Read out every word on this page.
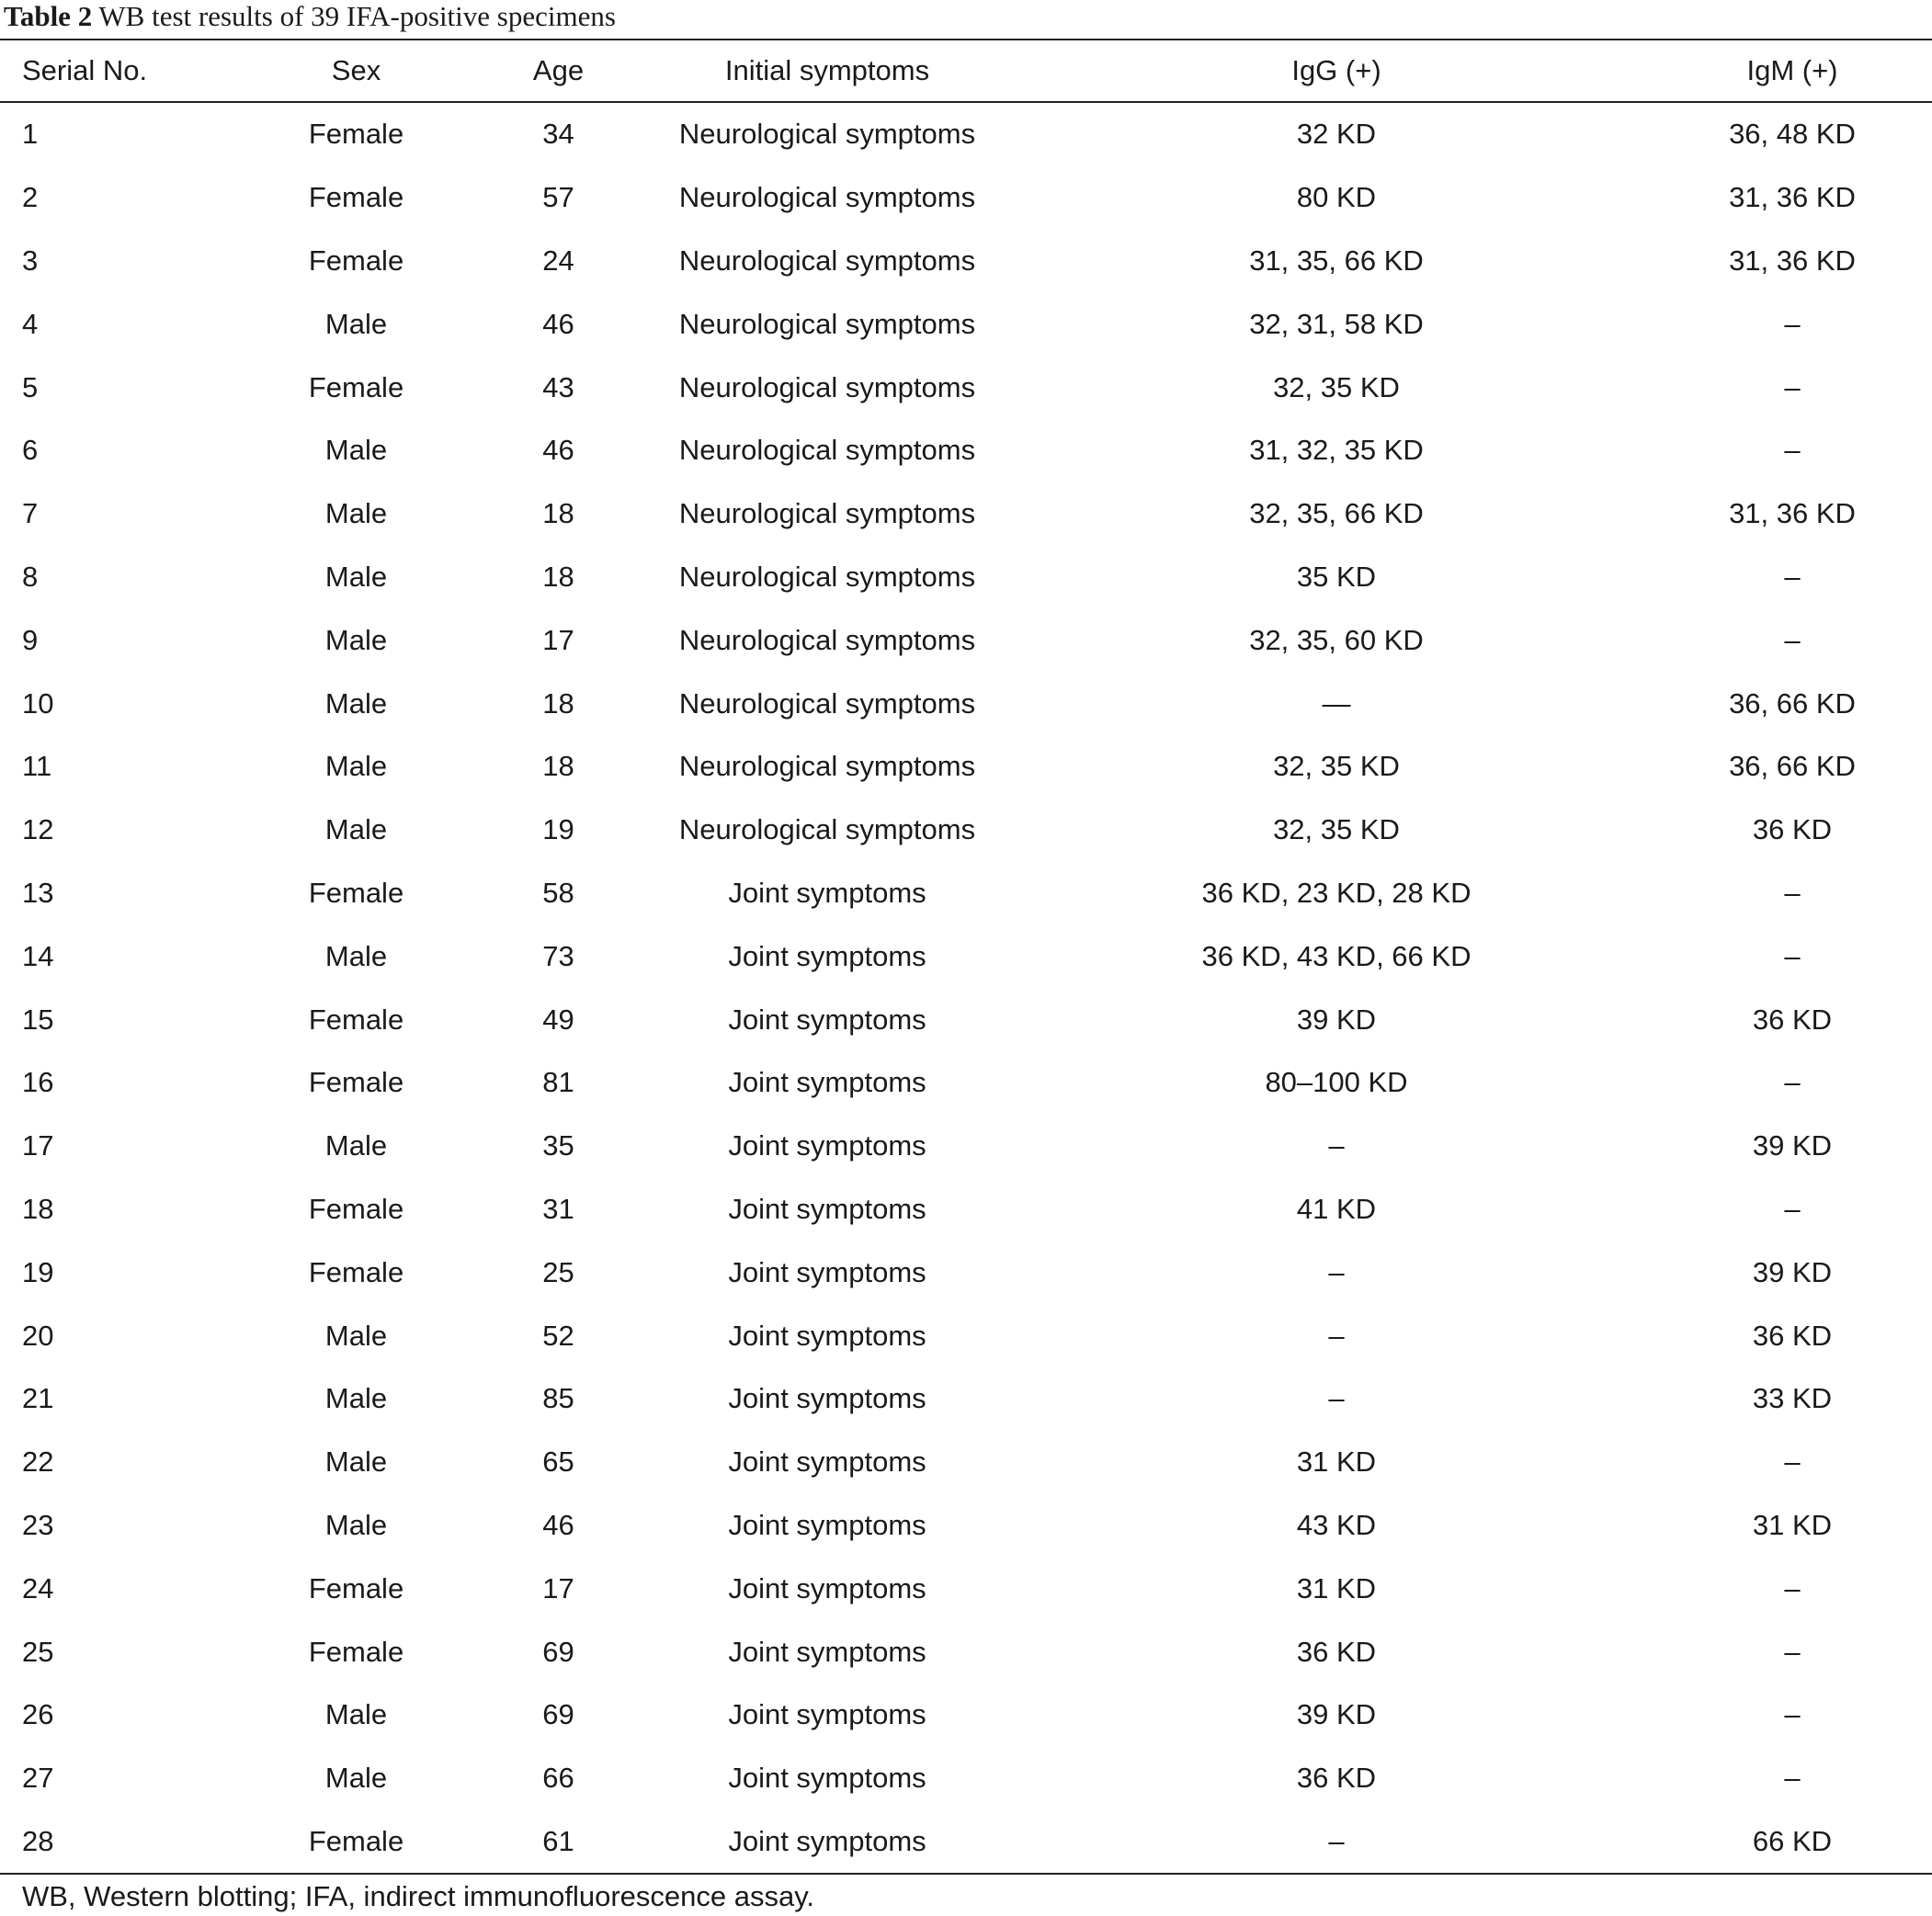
Table 2 WB test results of 39 IFA-positive specimens

Serial No.	Sex	Age	Initial symptoms	IgG (+)	IgM (+)
1	Female	34	Neurological symptoms	32 KD	36, 48 KD
2	Female	57	Neurological symptoms	80 KD	31, 36 KD
3	Female	24	Neurological symptoms	31, 35, 66 KD	31, 36 KD
4	Male	46	Neurological symptoms	32, 31, 58 KD	–
5	Female	43	Neurological symptoms	32, 35 KD	–
6	Male	46	Neurological symptoms	31, 32, 35 KD	–
7	Male	18	Neurological symptoms	32, 35, 66 KD	31, 36 KD
8	Male	18	Neurological symptoms	35 KD	–
9	Male	17	Neurological symptoms	32, 35, 60 KD	–
10	Male	18	Neurological symptoms	—	36, 66 KD
11	Male	18	Neurological symptoms	32, 35 KD	36, 66 KD
12	Male	19	Neurological symptoms	32, 35 KD	36 KD
13	Female	58	Joint symptoms	36 KD, 23 KD, 28 KD	–
14	Male	73	Joint symptoms	36 KD, 43 KD, 66 KD	–
15	Female	49	Joint symptoms	39 KD	36 KD
16	Female	81	Joint symptoms	80–100 KD	–
17	Male	35	Joint symptoms	–	39 KD
18	Female	31	Joint symptoms	41 KD	–
19	Female	25	Joint symptoms	–	39 KD
20	Male	52	Joint symptoms	–	36 KD
21	Male	85	Joint symptoms	–	33 KD
22	Male	65	Joint symptoms	31 KD	–
23	Male	46	Joint symptoms	43 KD	31 KD
24	Female	17	Joint symptoms	31 KD	–
25	Female	69	Joint symptoms	36 KD	–
26	Male	69	Joint symptoms	39 KD	–
27	Male	66	Joint symptoms	36 KD	–
28	Female	61	Joint symptoms	–	66 KD
WB, Western blotting; IFA, indirect immunofluorescence assay.
